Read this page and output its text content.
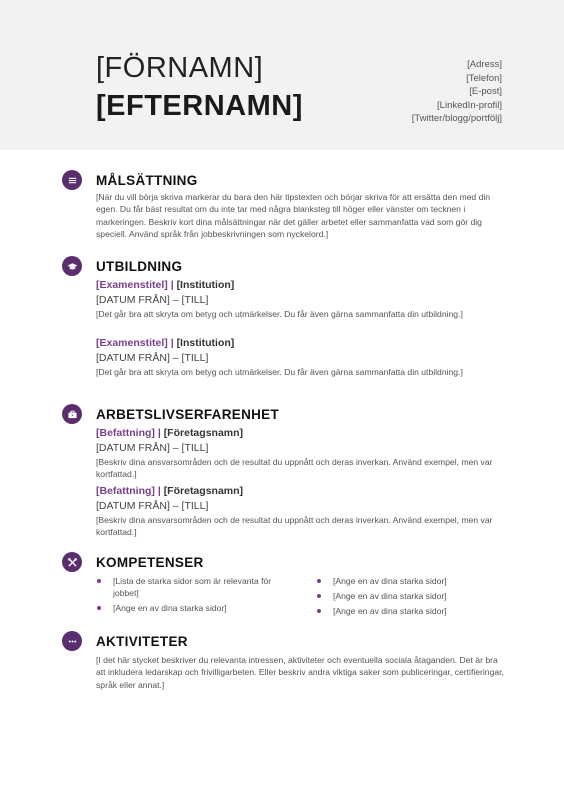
[FÖRNAMN]
[EFTERNAMN]
[Adress]
[Telefon]
[E-post]
[LinkedIn-profil]
[Twitter/blogg/portfölj]
MÅLSÄTTNING
[När du vill börja skriva markerar du bara den här tipstexten och börjar skriva för att ersätta den med din egen. Du får bäst resultat om du inte tar med några blanksteg till höger eller vänster om tecknen i markeringen. Beskriv kort dina målsättningar när det gäller arbetet eller sammanfatta vad som gör dig speciell. Använd språk från jobbeskrivningen som nyckelord.]
UTBILDNING
[Examenstitel] | [Institution]
[DATUM FRÅN] – [TILL]
[Det går bra att skryta om betyg och utmärkelser. Du får även gärna sammanfatta din utbildning.]
[Examenstitel] | [Institution]
[DATUM FRÅN] – [TILL]
[Det går bra att skryta om betyg och utmärkelser. Du får även gärna sammanfatta din utbildning.]
ARBETSLIVSERFARENHET
[Befattning] | [Företagsnamn]
[DATUM FRÅN] – [TILL]
[Beskriv dina ansvarsområden och de resultat du uppnått och deras inverkan. Använd exempel, men var kortfattad.]
[Befattning] | [Företagsnamn]
[DATUM FRÅN] – [TILL]
[Beskriv dina ansvarsområden och de resultat du uppnått och deras inverkan. Använd exempel, men var kortfattad.]
KOMPETENSER
[Lista de starka sidor som är relevanta för jobbet]
[Ange en av dina starka sidor]
[Ange en av dina starka sidor]
[Ange en av dina starka sidor]
[Ange en av dina starka sidor]
AKTIVITETER
[I det här stycket beskriver du relevanta intressen, aktiviteter och eventuella sociala åtaganden. Det är bra att inkludera ledarskap och frivilligarbeten. Eller beskriv andra viktiga saker som publiceringar, certifieringar, språk eller annat.]
